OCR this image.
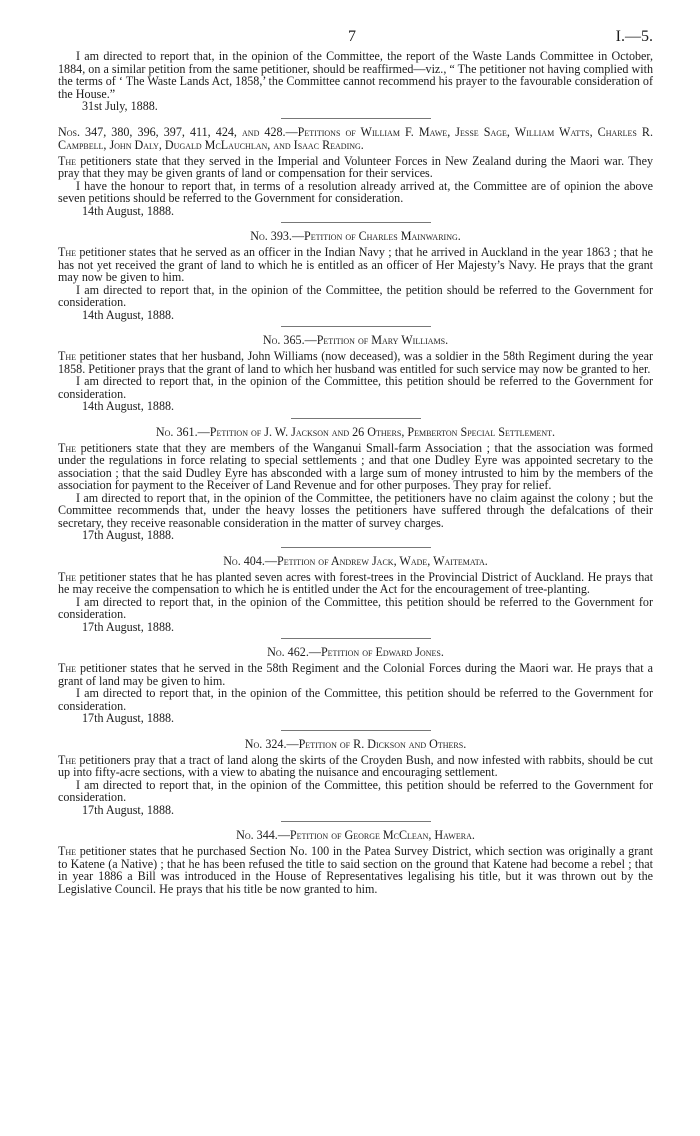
7	I.—5.

I am directed to report that, in the opinion of the Committee, the report of the Waste Lands Committee in October, 1884, on a similar petition from the same petitioner, should be reaffirmed—viz., “ The petitioner not having complied with the terms of ‘ The Waste Lands Act, 1858,’ the Committee cannot recommend his prayer to the favourable consideration of the House.”

31st July, 1888.

Nos. 347, 380, 396, 397, 411, 424, and 428.—Petitions of William F. Mawe, Jesse Sage, William Watts, Charles R. Campbell, John Daly, Dugald McLauchlan, and Isaac Reading.

The petitioners state that they served in the Imperial and Volunteer Forces in New Zealand during the Maori war. They pray that they may be given grants of land or compensation for their services.

I have the honour to report that, in terms of a resolution already arrived at, the Committee are of opinion the above seven petitions should be referred to the Government for consideration.

14th August, 1888.

No. 393.—Petition of Charles Mainwaring.

The petitioner states that he served as an officer in the Indian Navy ; that he arrived in Auckland in the year 1863 ; that he has not yet received the grant of land to which he is entitled as an officer of Her Majesty’s Navy. He prays that the grant may now be given to him.

I am directed to report that, in the opinion of the Committee, the petition should be referred to the Government for consideration.

14th August, 1888.

No. 365.—Petition of Mary Williams.

The petitioner states that her husband, John Williams (now deceased), was a soldier in the 58th Regiment during the year 1858. Petitioner prays that the grant of land to which her husband was entitled for such service may now be granted to her.

I am directed to report that, in the opinion of the Committee, this petition should be referred to the Government for consideration.

14th August, 1888.

No. 361.—Petition of J. W. Jackson and 26 Others, Pemberton Special Settlement.

The petitioners state that they are members of the Wanganui Small-farm Association ; that the association was formed under the regulations in force relating to special settlements ; and that one Dudley Eyre was appointed secretary to the association ; that the said Dudley Eyre has absconded with a large sum of money intrusted to him by the members of the association for payment to the Receiver of Land Revenue and for other purposes. They pray for relief.

I am directed to report that, in the opinion of the Committee, the petitioners have no claim against the colony ; but the Committee recommends that, under the heavy losses the petitioners have suffered through the defalcations of their secretary, they receive reasonable consideration in the matter of survey charges.

17th August, 1888.

No. 404.—Petition of Andrew Jack, Wade, Waitemata.

The petitioner states that he has planted seven acres with forest-trees in the Provincial District of Auckland. He prays that he may receive the compensation to which he is entitled under the Act for the encouragement of tree-planting.

I am directed to report that, in the opinion of the Committee, this petition should be referred to the Government for consideration.

17th August, 1888.

No. 462.—Petition of Edward Jones.

The petitioner states that he served in the 58th Regiment and the Colonial Forces during the Maori war. He prays that a grant of land may be given to him.

I am directed to report that, in the opinion of the Committee, this petition should be referred to the Government for consideration.

17th August, 1888.

No. 324.—Petition of R. Dickson and Others.

The petitioners pray that a tract of land along the skirts of the Croyden Bush, and now infested with rabbits, should be cut up into fifty-acre sections, with a view to abating the nuisance and encouraging settlement.

I am directed to report that, in the opinion of the Committee, this petition should be referred to the Government for consideration.

17th August, 1888.

No. 344.—Petition of George McClean, Hawera.

The petitioner states that he purchased Section No. 100 in the Patea Survey District, which section was originally a grant to Katene (a Native) ; that he has been refused the title to said section on the ground that Katene had become a rebel ; that in year 1886 a Bill was introduced in the House of Representatives legalising his title, but it was thrown out by the Legislative Council. He prays that his title be now granted to him.
